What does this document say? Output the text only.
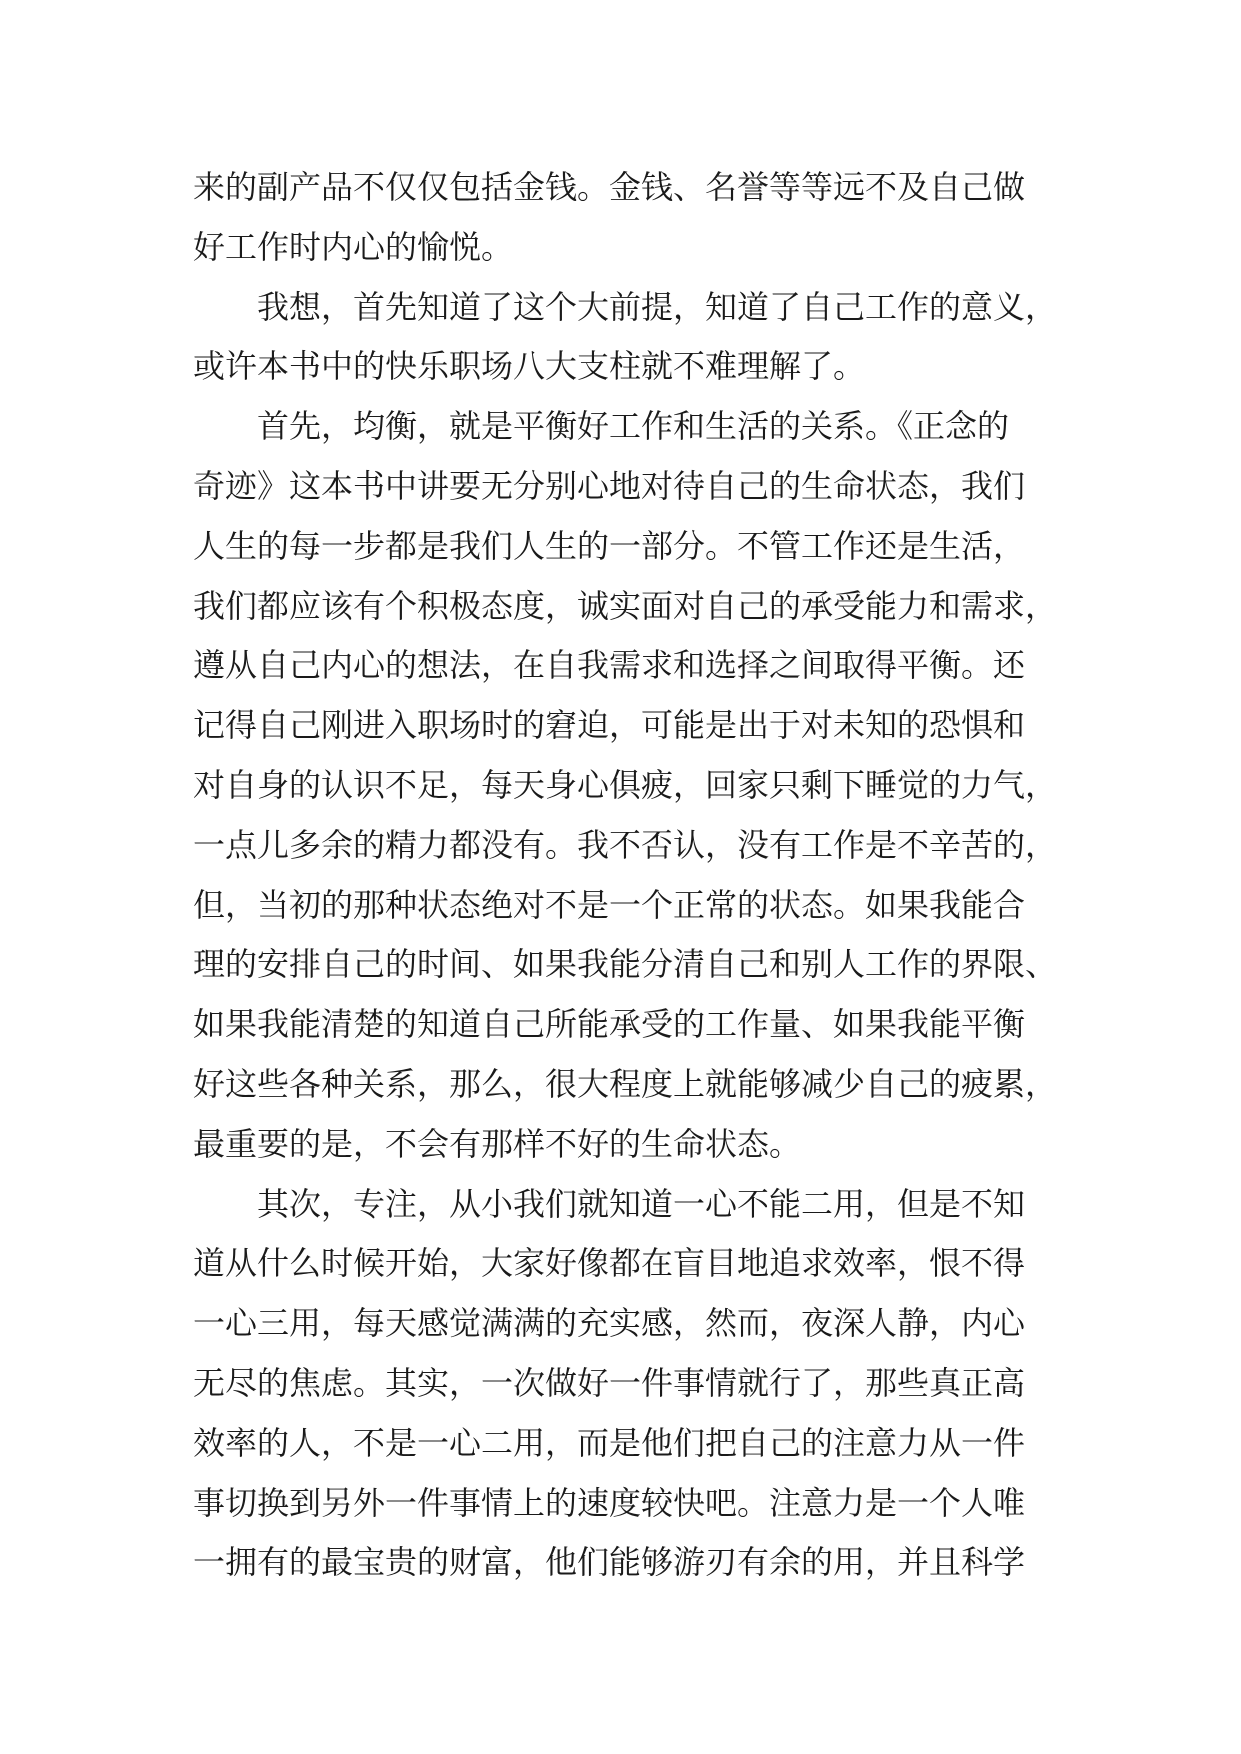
来的副产品不仅仅包括金钱。金钱、名誉等等远不及自己做
好工作时内心的愉悦。
我想，首先知道了这个大前提，知道了自己工作的意义，
或许本书中的快乐职场八大支柱就不难理解了。
首先，均衡，就是平衡好工作和生活的关系。《正念的
奇迹》这本书中讲要无分别心地对待自己的生命状态，我们
人生的每一步都是我们人生的一部分。不管工作还是生活，
我们都应该有个积极态度，诚实面对自己的承受能力和需求，
遵从自己内心的想法，在自我需求和选择之间取得平衡。还
记得自己刚进入职场时的窘迫，可能是出于对未知的恐惧和
对自身的认识不足，每天身心俱疲，回家只剩下睡觉的力气，
一点儿多余的精力都没有。我不否认，没有工作是不辛苦的，
但，当初的那种状态绝对不是一个正常的状态。如果我能合
理的安排自己的时间、如果我能分清自己和别人工作的界限、
如果我能清楚的知道自己所能承受的工作量、如果我能平衡
好这些各种关系，那么，很大程度上就能够减少自己的疲累，
最重要的是，不会有那样不好的生命状态。
其次，专注，从小我们就知道一心不能二用，但是不知
道从什么时候开始，大家好像都在盲目地追求效率，恨不得
一心三用，每天感觉满满的充实感，然而，夜深人静，内心
无尽的焦虑。其实，一次做好一件事情就行了，那些真正高
效率的人，不是一心二用，而是他们把自己的注意力从一件
事切换到另外一件事情上的速度较快吧。注意力是一个人唯
一拥有的最宝贵的财富，他们能够游刃有余的用，并且科学
